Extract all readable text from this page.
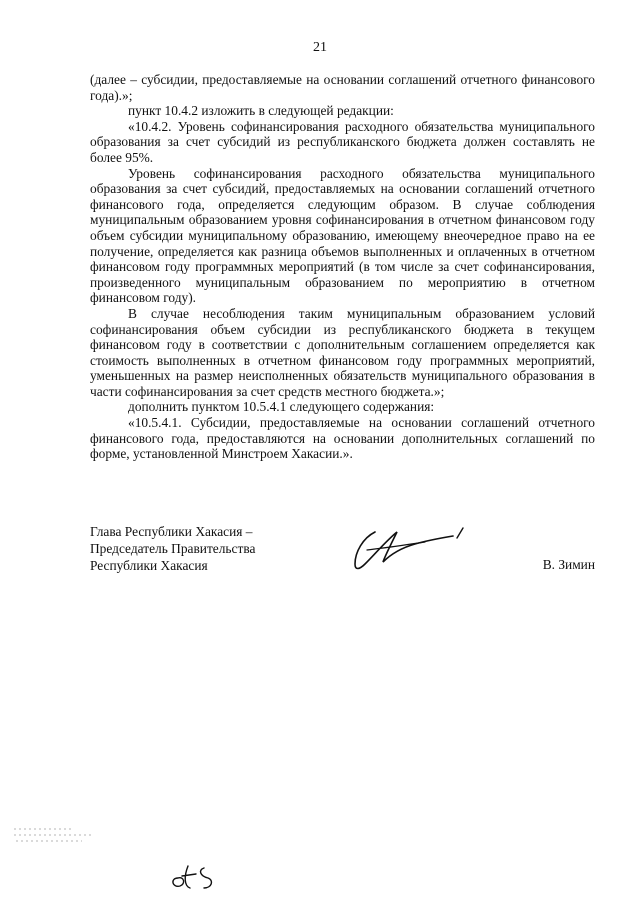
21

(далее – субсидии, предоставляемые на основании соглашений отчетного финансового года).»;

пункт 10.4.2 изложить в следующей редакции:

«10.4.2. Уровень софинансирования расходного обязательства муниципального образования за счет субсидий из республиканского бюджета должен составлять не более 95%.

Уровень софинансирования расходного обязательства муниципального образования за счет субсидий, предоставляемых на основании соглашений отчетного финансового года, определяется следующим образом. В случае соблюдения муниципальным образованием уровня софинансирования в отчетном финансовом году объем субсидии муниципальному образованию, имеющему внеочередное право на ее получение, определяется как разница объемов выполненных и оплаченных в отчетном финансовом году программных мероприятий (в том числе за счет софинансирования, произведенного муниципальным образованием по мероприятию в отчетном финансовом году).

В случае несоблюдения таким муниципальным образованием условий софинансирования объем субсидии из республиканского бюджета в текущем финансовом году в соответствии с дополнительным соглашением определяется как стоимость выполненных в отчетном финансовом году программных мероприятий, уменьшенных на размер неисполненных обязательств муниципального образования в части софинансирования за счет средств местного бюджета.»;

дополнить пунктом 10.5.4.1 следующего содержания:

«10.5.4.1. Субсидии, предоставляемые на основании соглашений отчетного финансового года, предоставляются на основании дополнительных соглашений по форме, установленной Минстроем Хакасии.».

Глава Республики Хакасия –
Председатель Правительства
Республики Хакасия	В. Зимин
